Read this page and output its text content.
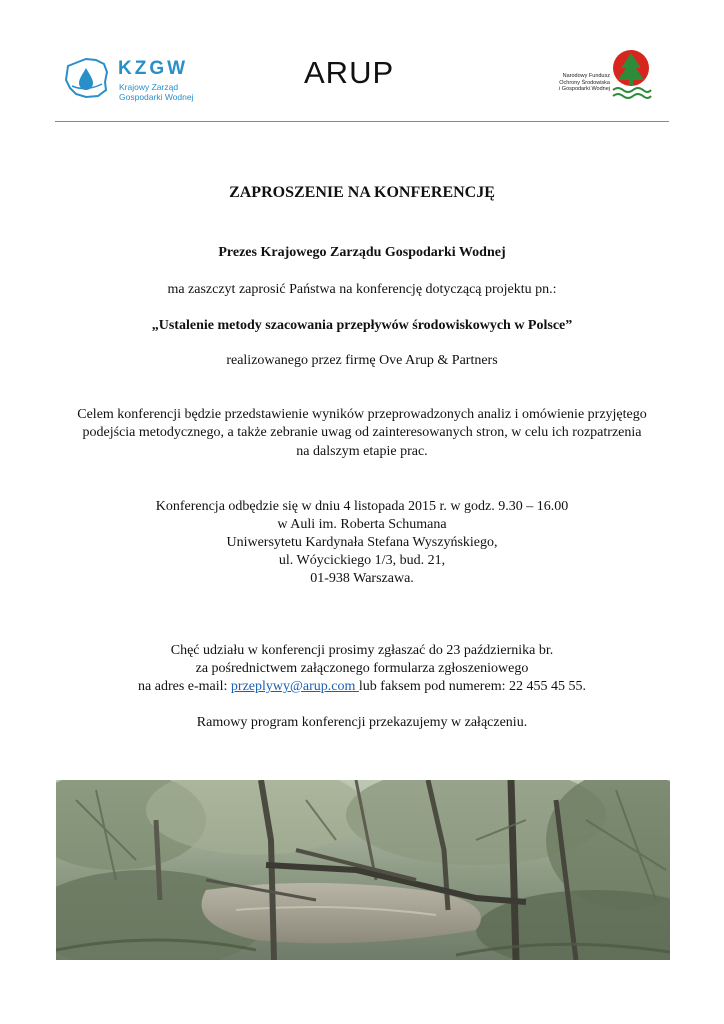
KZGW
Krajowy Zarząd
Gospodarki Wodnej
ARUP	Narodowy Fundusz
Ochrony Środowiska
i Gospodarki Wodnej
ZAPROSZENIE NA KONFERENCJĘ
Prezes Krajowego Zarządu Gospodarki Wodnej
ma zaszczyt zaprosić Państwa na konferencję dotyczącą projektu pn.:
„Ustalenie metody szacowania przepływów środowiskowych w Polsce”
realizowanego przez firmę Ove Arup & Partners
Celem konferencji będzie przedstawienie wyników przeprowadzonych analiz i omówienie przyjętego
podejścia metodycznego, a także zebranie uwag od zainteresowanych stron, w celu ich rozpatrzenia
na dalszym etapie prac.
Konferencja odbędzie się w dniu 4 listopada 2015 r. w godz. 9.30 – 16.00
w Auli im. Roberta Schumana
Uniwersytetu Kardynała Stefana Wyszyńskiego,
ul. Wóycickiego 1/3, bud. 21,
01-938 Warszawa.
Chęć udziału w konferencji prosimy zgłaszać do 23 października br.
za pośrednictwem załączonego formularza zgłoszeniowego
na adres e-mail: przeplywy@arup.com lub faksem pod numerem: 22 455 45 55.
Ramowy program konferencji przekazujemy w załączeniu.
